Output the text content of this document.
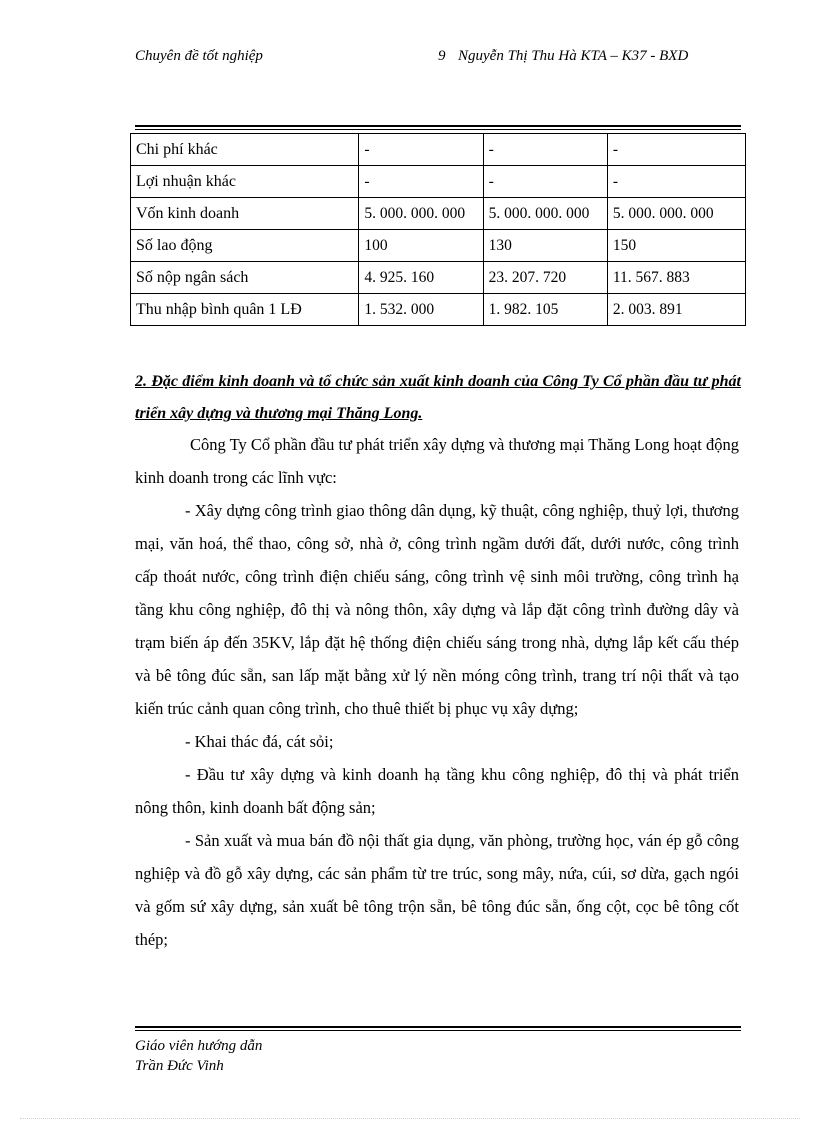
Chuyên đề tốt nghiệp	9 Nguyễn Thị Thu Hà KTA – K37 - BXD
Chi phí khác	-	-	-
Lợi nhuận khác	-	-	-
Vốn kinh doanh	5. 000. 000. 000	5. 000. 000. 000	5. 000. 000. 000
Số lao động	100	130	150
Số nộp ngân sách	4. 925. 160	23. 207. 720	11. 567. 883
Thu nhập bình quân 1 LĐ	1. 532. 000	1. 982. 105	2. 003. 891
2. Đặc điểm kinh doanh và tổ chức sản xuất kinh doanh của Công Ty Cổ phần đầu tư phát triển xây dựng và thương mại Thăng Long.

Công Ty Cổ phần đầu tư phát triển xây dựng và thương mại Thăng Long hoạt động kinh doanh trong các lĩnh vực:

- Xây dựng công trình giao thông dân dụng, kỹ thuật, công nghiệp, thuỷ lợi, thương mại, văn hoá, thể thao, công sở, nhà ở, công trình ngầm dưới đất, dưới nước, công trình cấp thoát nước, công trình điện chiếu sáng, công trình vệ sinh môi trường, công trình hạ tầng khu công nghiệp, đô thị và nông thôn, xây dựng và lắp đặt công trình đường dây và trạm biến áp đến 35KV, lắp đặt hệ thống điện chiếu sáng trong nhà, dựng lắp kết cấu thép và bê tông đúc sẵn, san lấp mặt bằng xử lý nền móng công trình, trang trí nội thất và tạo kiến trúc cảnh quan công trình, cho thuê thiết bị phục vụ xây dựng;

- Khai thác đá, cát sỏi;

- Đầu tư xây dựng và kinh doanh hạ tầng khu công nghiệp, đô thị và phát triển nông thôn, kinh doanh bất động sản;

- Sản xuất và mua bán đồ nội thất gia dụng, văn phòng, trường học, ván ép gỗ công nghiệp và đồ gỗ xây dựng, các sản phẩm từ tre trúc, song mây, nứa, cúi, sơ dừa, gạch ngói và gốm sứ xây dựng, sản xuất bê tông trộn sẵn, bê tông đúc sẵn, ống cột, cọc bê tông cốt thép;

Giáo viên hướng dẫn
Trần Đức Vinh
